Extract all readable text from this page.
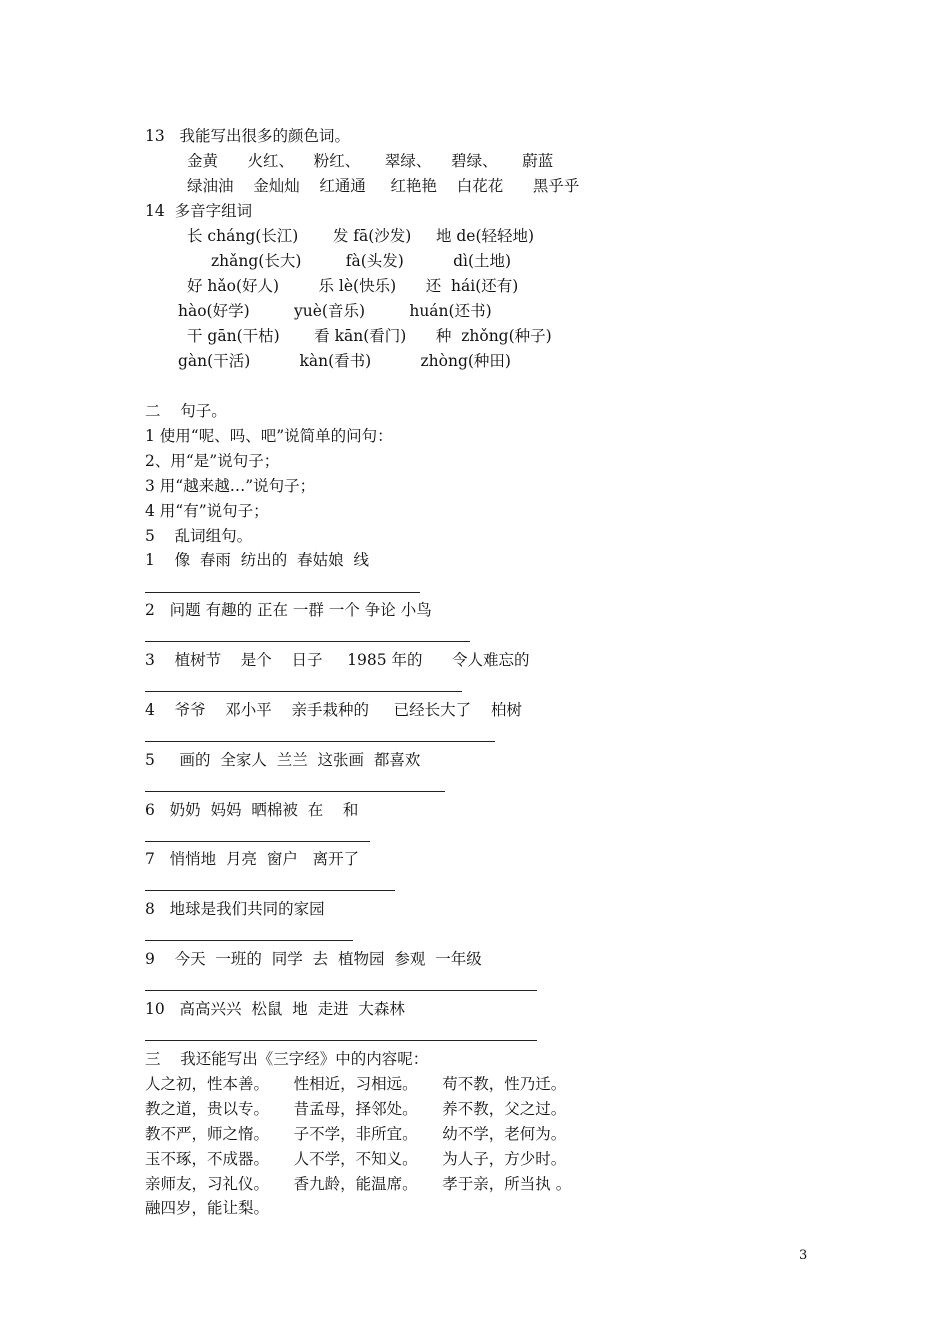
13   我能写出很多的颜色词。
金黄      火红、    粉红、     翠绿、    碧绿、     蔚蓝
绿油油    金灿灿    红通通     红艳艳    白花花      黑乎乎
14  多音字组词
长 cháng(长江)       发 fā(沙发)     地 de(轻轻地)
zhǎng(长大)         fà(头发)          dì(土地)
好 hǎo(好人)        乐 lè(快乐)      还  hái(还有)
hào(好学)         yuè(音乐)         huán(还书)
干 gān(干枯)       看 kān(看门)      种  zhǒng(种子)
gàn(干活)          kàn(看书)          zhòng(种田)
二    句子。
1 使用“呢、吗、吧”说简单的问句：
2、用“是”说句子；
3 用“越来越…”说句子；
4 用“有”说句子；
5    乱词组句。
1    像  春雨  纺出的  春姑娘  线
2   问题 有趣的 正在 一群 一个 争论 小鸟
3    植树节    是个    日子     1985 年的      令人难忘的
4    爷爷    邓小平    亲手栽种的     已经长大了    柏树
5     画的  全家人  兰兰  这张画  都喜欢
6   奶奶  妈妈  晒棉被  在    和
7   悄悄地  月亮  窗户   离开了
8   地球是我们共同的家园
9    今天  一班的  同学  去  植物园  参观  一年级
10   高高兴兴  松鼠  地  走进  大森林
三    我还能写出《三字经》中的内容呢：
人之初，性本善。     性相近，习相远。     苟不教，性乃迁。
教之道，贵以专。     昔孟母，择邻处。     养不教，父之过。
教不严，师之惰。     子不学，非所宜。     幼不学，老何为。
玉不琢，不成器。     人不学，不知义。     为人子，方少时。
亲师友，习礼仪。     香九龄，能温席。     孝于亲，所当执 。
融四岁，能让梨。
3
